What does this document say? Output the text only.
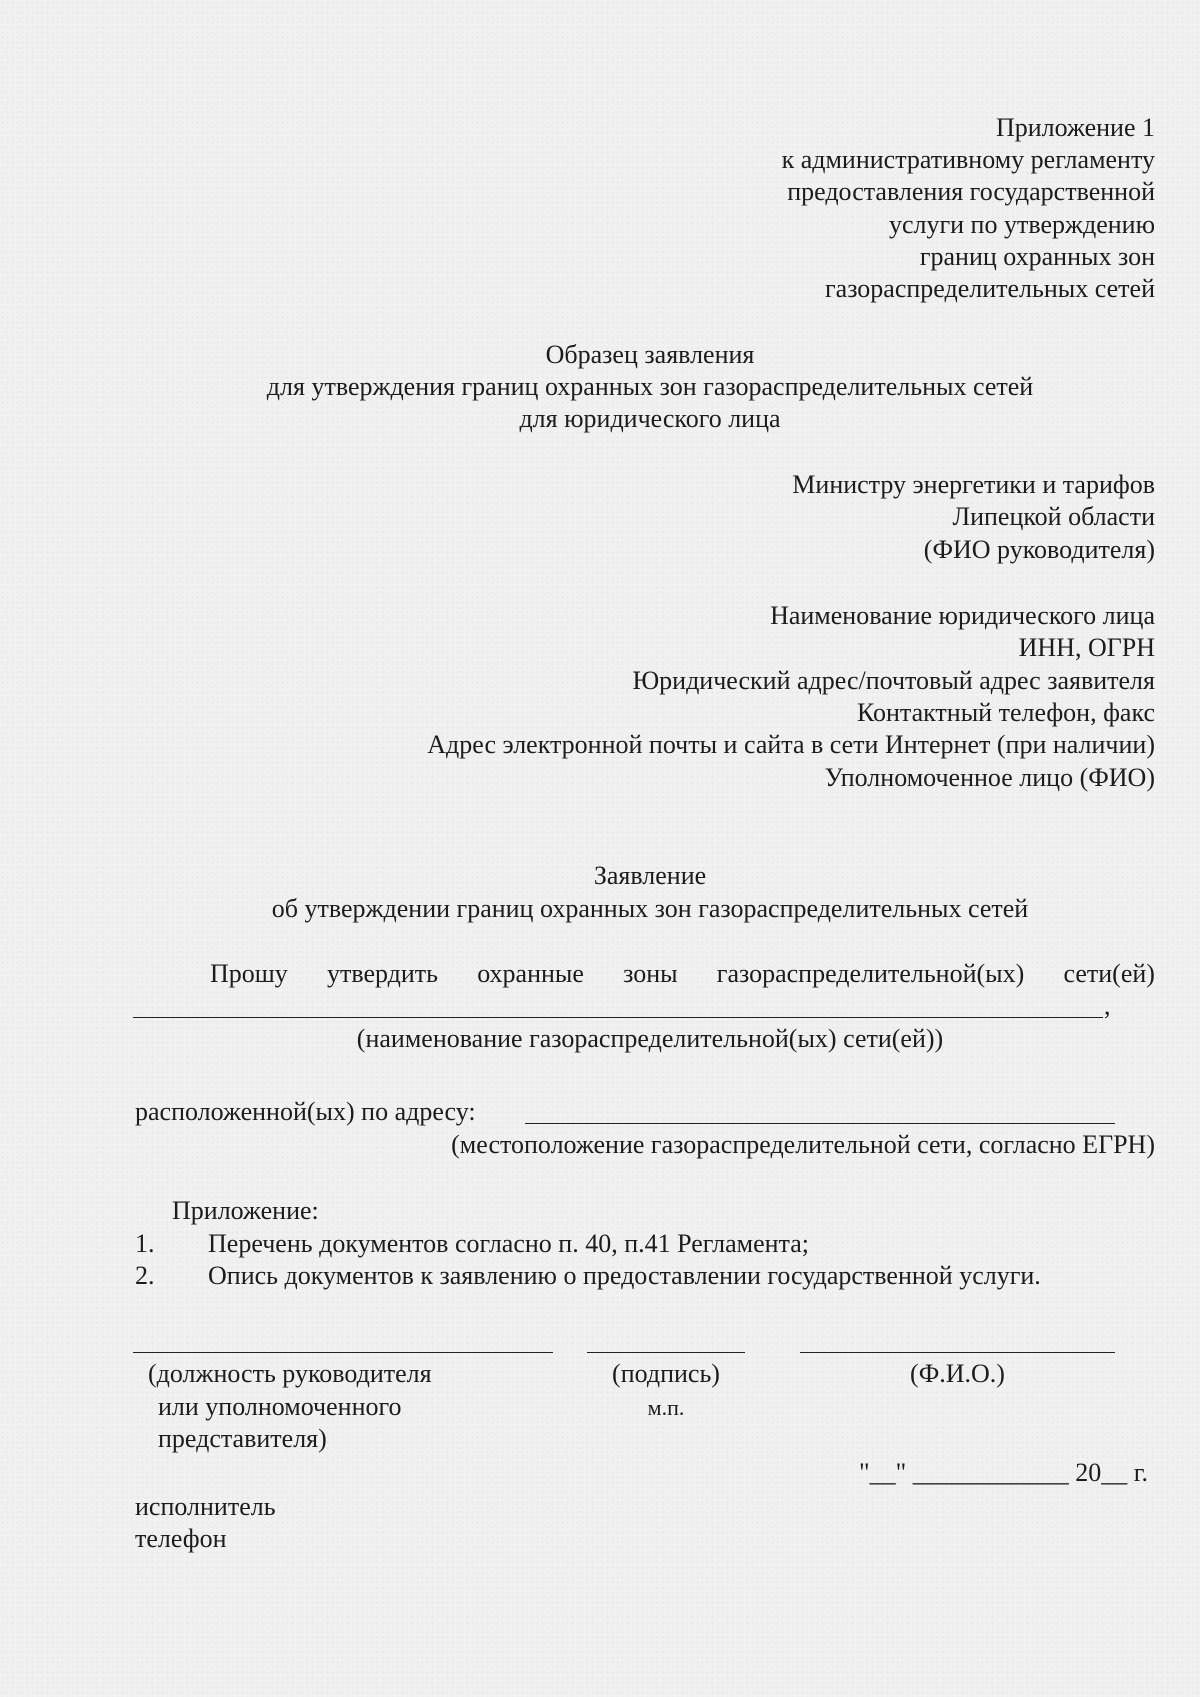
Приложение 1
к административному регламенту
предоставления государственной
услуги по утверждению
границ охранных зон
газораспределительных сетей
Образец заявления
для утверждения границ охранных зон газораспределительных сетей
для юридического лица
Министру энергетики и тарифов
Липецкой области
(ФИО руководителя)
Наименование юридического лица
ИНН, ОГРН
Юридический адрес/почтовый адрес заявителя
Контактный телефон, факс
Адрес электронной почты и сайта в сети Интернет (при наличии)
Уполномоченное лицо (ФИО)
Заявление
об утверждении границ охранных зон газораспределительных сетей
Прошу утвердить охранные зоны газораспределительной(ых) сети(ей)
,
(наименование газораспределительной(ых) сети(ей))
расположенной(ых) по адресу:
(местоположение газораспределительной сети, согласно ЕГРН)
Приложение:
1. Перечень документов согласно п. 40, п.41 Регламента;
2. Опись документов к заявлению о предоставлении государственной услуги.
(должность руководителя
или уполномоченного
представителя)
(подпись)
м.п.
(Ф.И.О.)
"__" ____________ 20__ г.
исполнитель
телефон
